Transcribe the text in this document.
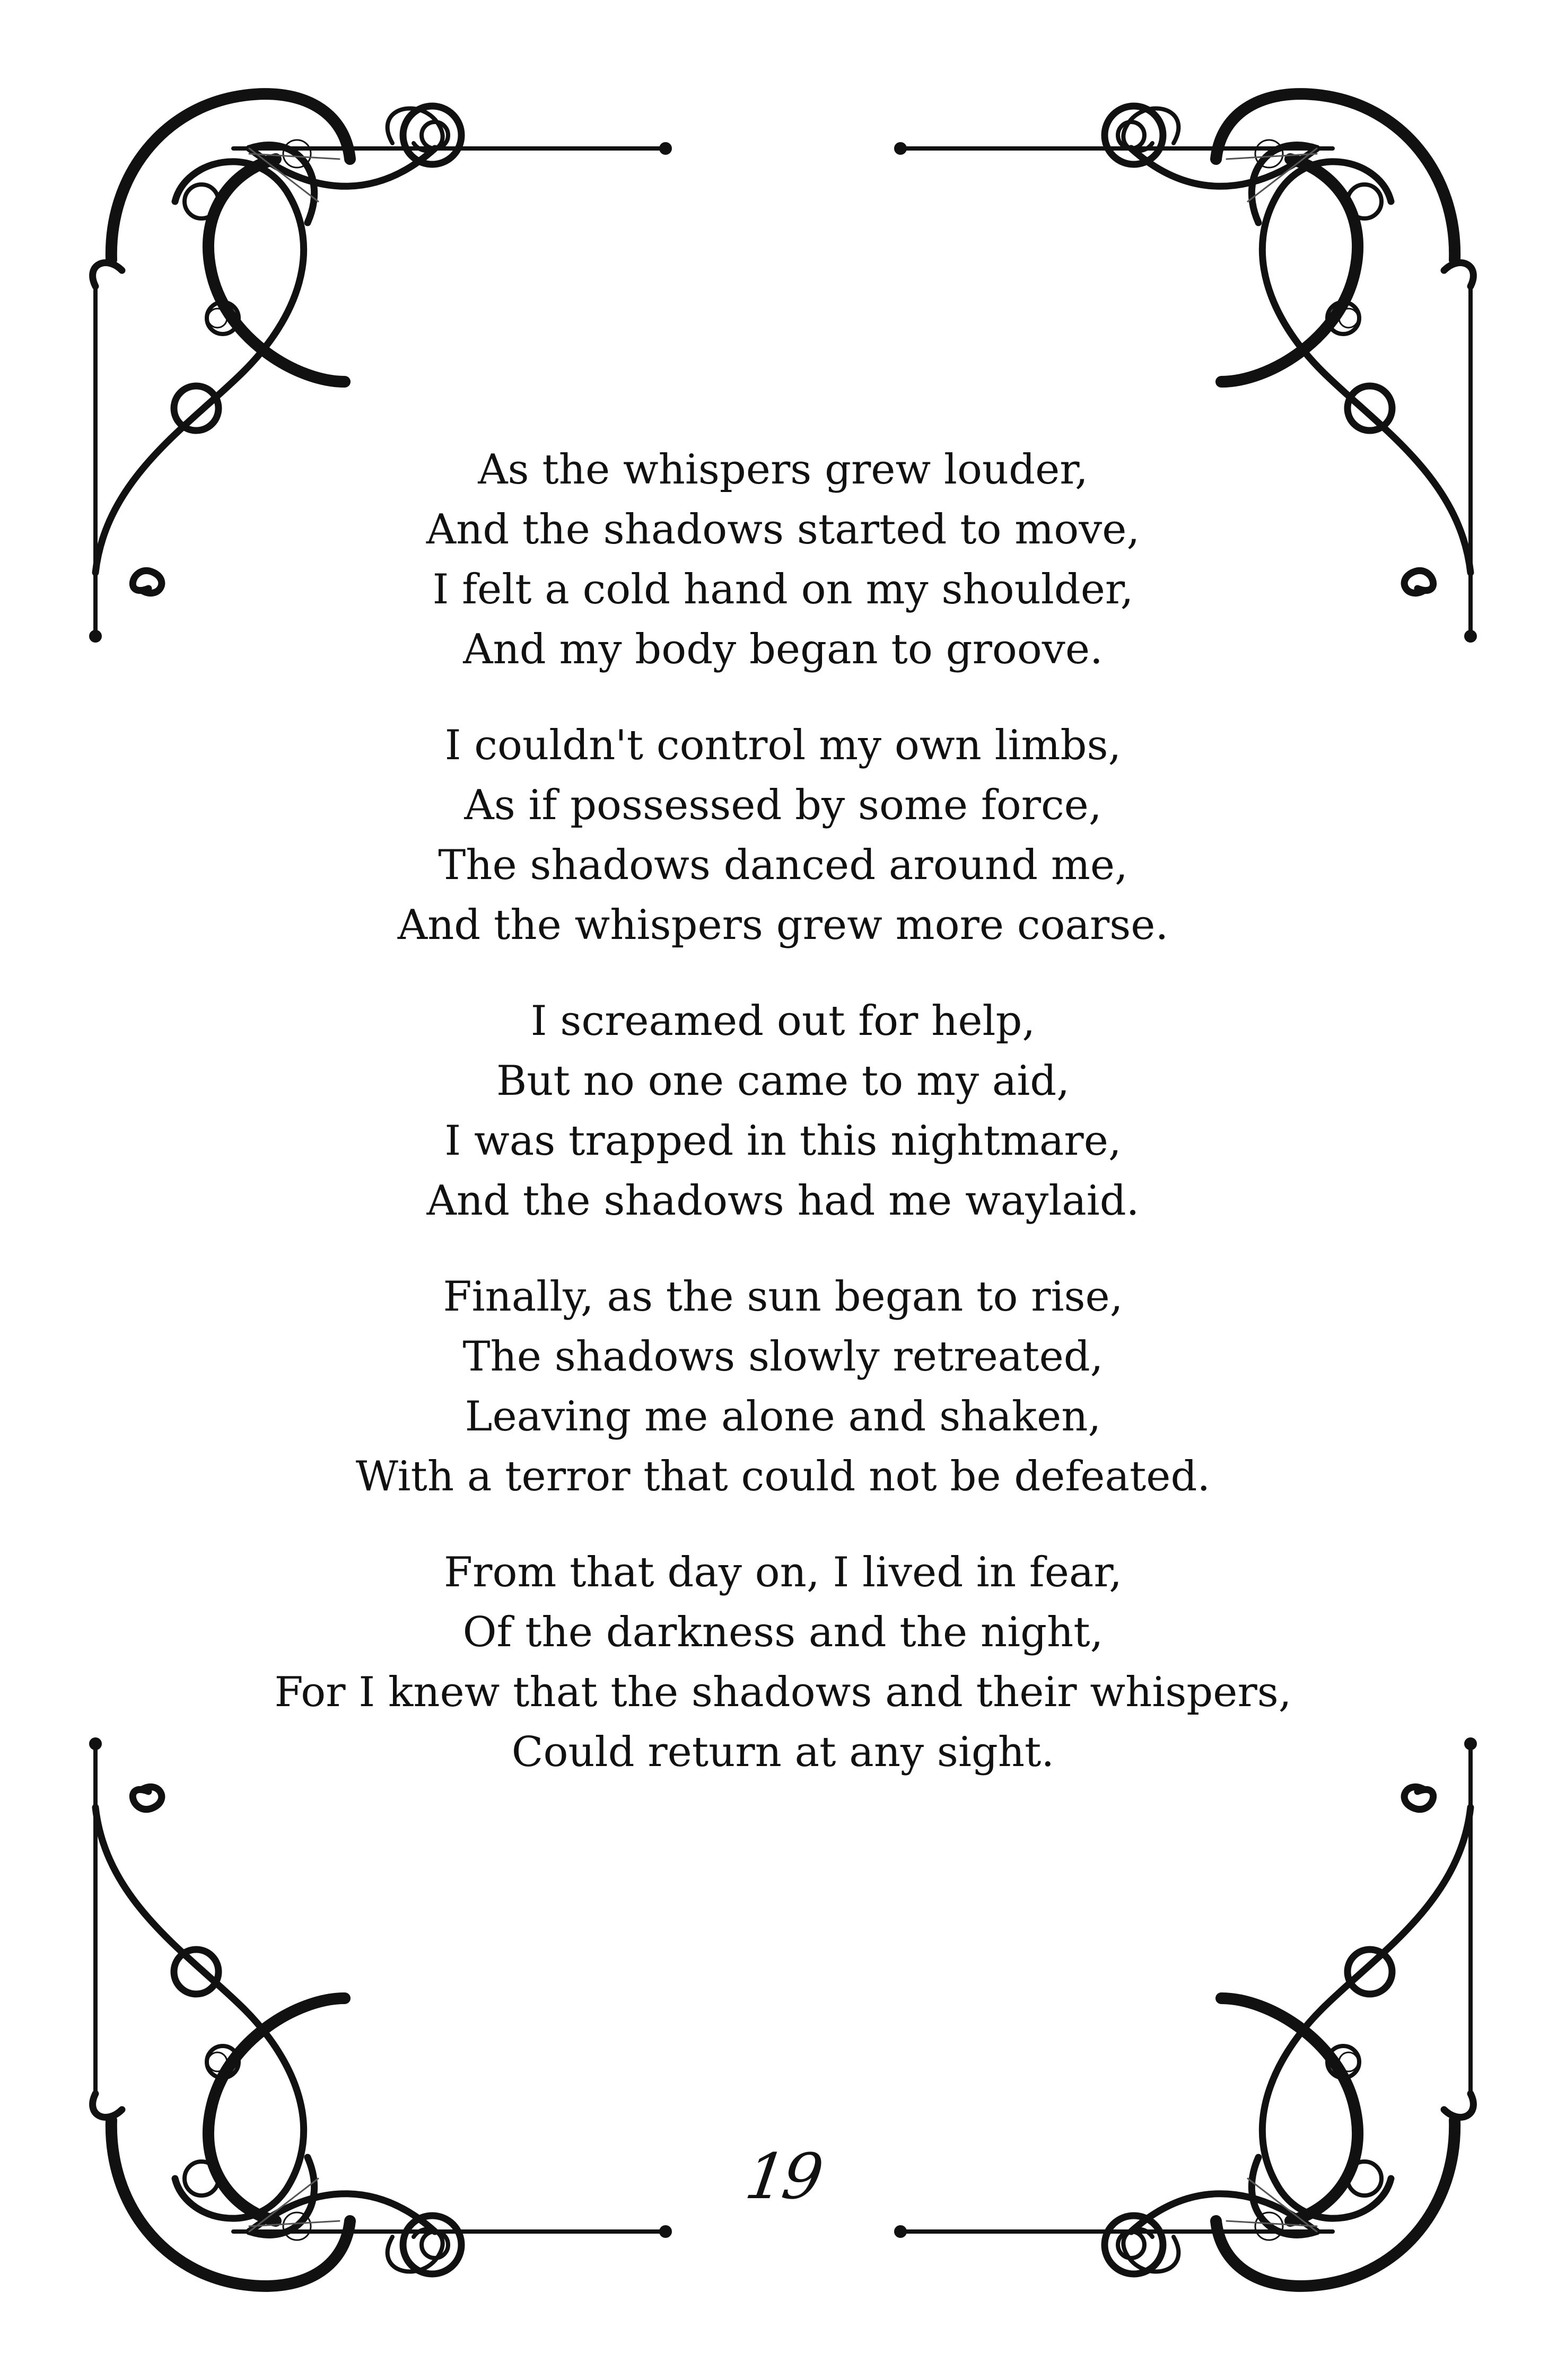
As the whispers grew louder,
And the shadows started to move,
I felt a cold hand on my shoulder,
And my body began to groove.
I couldn't control my own limbs,
As if possessed by some force,
The shadows danced around me,
And the whispers grew more coarse.
I screamed out for help,
But no one came to my aid,
I was trapped in this nightmare,
And the shadows had me waylaid.
Finally, as the sun began to rise,
The shadows slowly retreated,
Leaving me alone and shaken,
With a terror that could not be defeated.
From that day on, I lived in fear,
Of the darkness and the night,
For I knew that the shadows and their whispers,
Could return at any sight.
19
